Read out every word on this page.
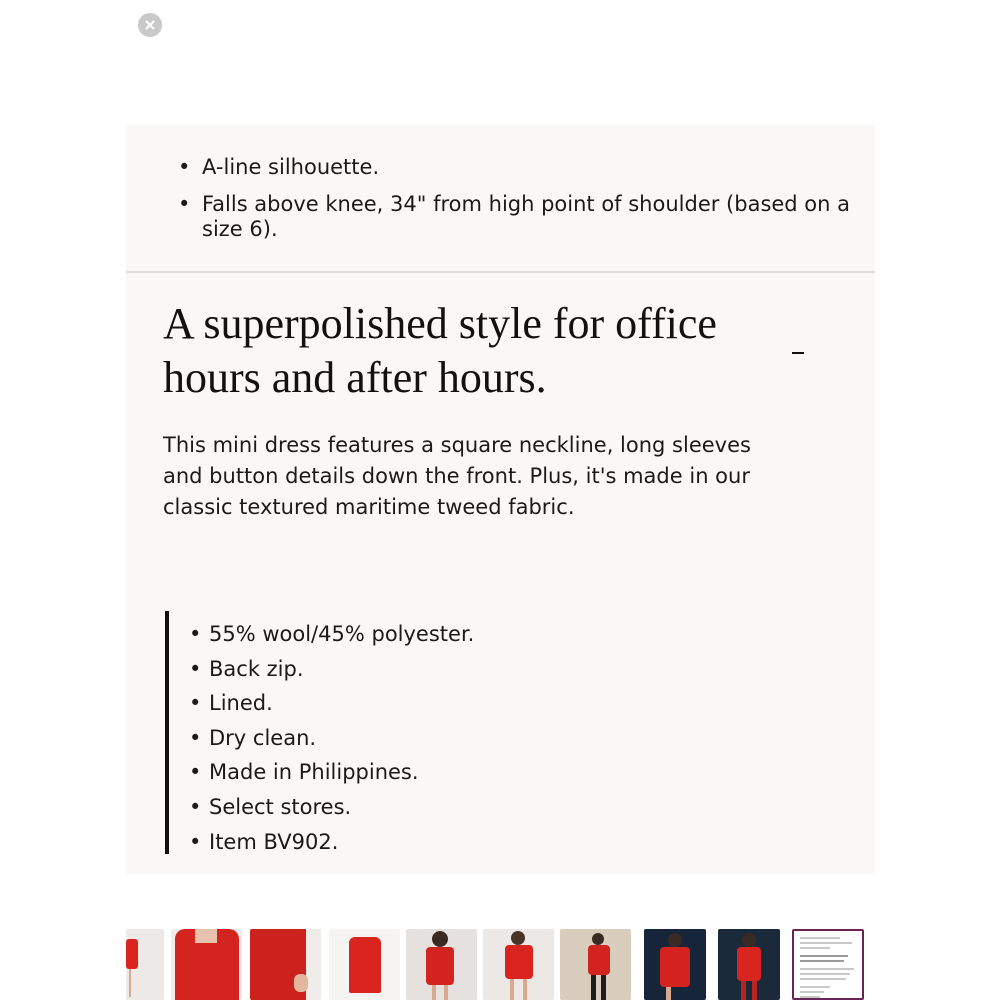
• A-line silhouette.
• Falls above knee, 34" from high point of shoulder (based on a size 6).
A superpolished style for office hours and after hours.

This mini dress features a square neckline, long sleeves and button details down the front. Plus, it's made in our classic textured maritime tweed fabric.

• 55% wool/45% polyester.
• Back zip.
• Lined.
• Dry clean.
• Made in Philippines.
• Select stores.
• Item BV902.
